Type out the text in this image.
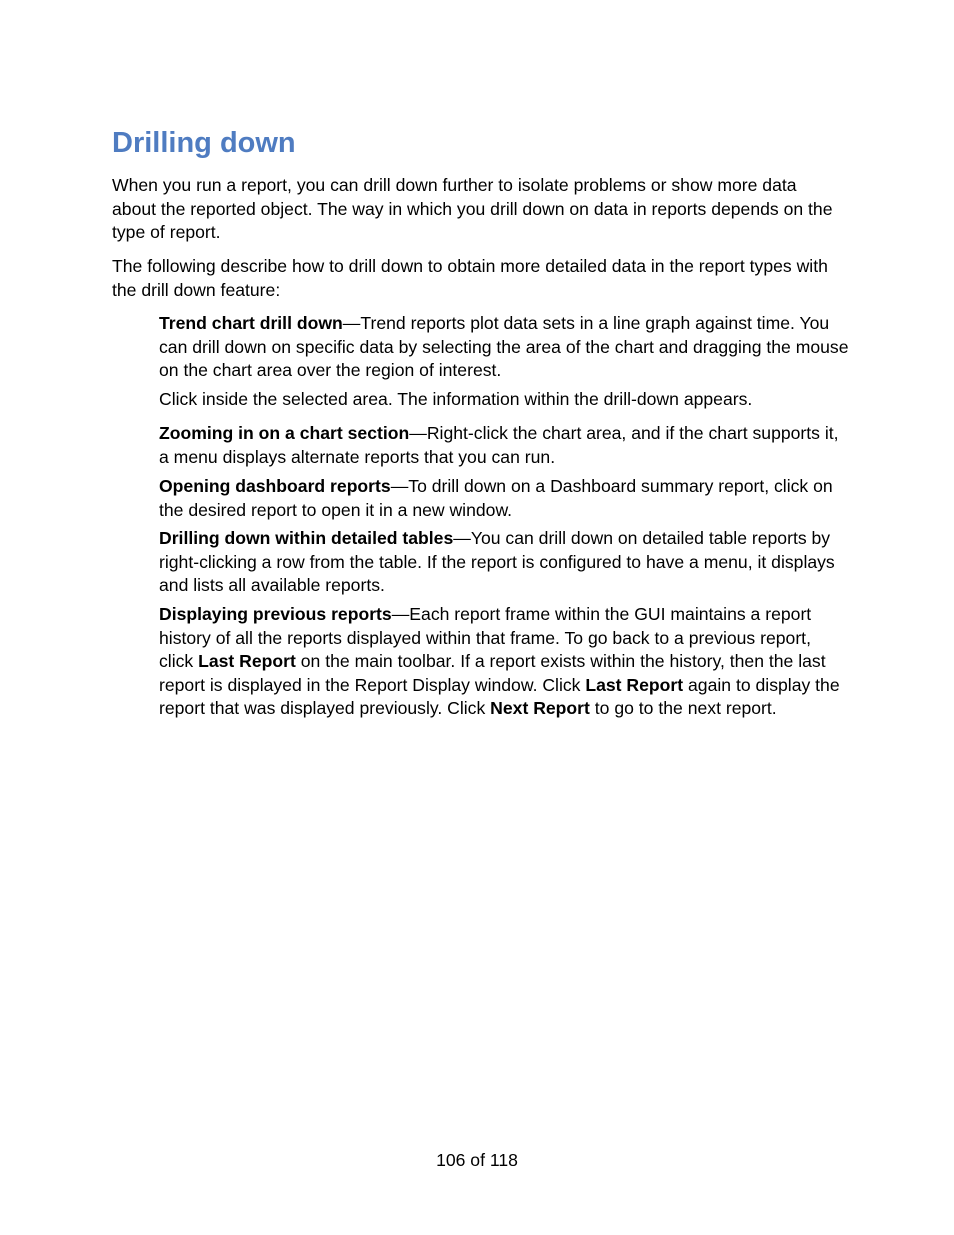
Drilling down

When you run a report, you can drill down further to isolate problems or show more data about the reported object. The way in which you drill down on data in reports depends on the type of report.

The following describe how to drill down to obtain more detailed data in the report types with the drill down feature:

Trend chart drill down—Trend reports plot data sets in a line graph against time. You can drill down on specific data by selecting the area of the chart and dragging the mouse on the chart area over the region of interest.

Click inside the selected area. The information within the drill-down appears.

Zooming in on a chart section—Right-click the chart area, and if the chart supports it, a menu displays alternate reports that you can run.

Opening dashboard reports—To drill down on a Dashboard summary report, click on the desired report to open it in a new window.

Drilling down within detailed tables—You can drill down on detailed table reports by right-clicking a row from the table. If the report is configured to have a menu, it displays and lists all available reports.

Displaying previous reports—Each report frame within the GUI maintains a report history of all the reports displayed within that frame. To go back to a previous report, click Last Report on the main toolbar. If a report exists within the history, then the last report is displayed in the Report Display window. Click Last Report again to display the report that was displayed previously. Click Next Report to go to the next report.

106 of 118
